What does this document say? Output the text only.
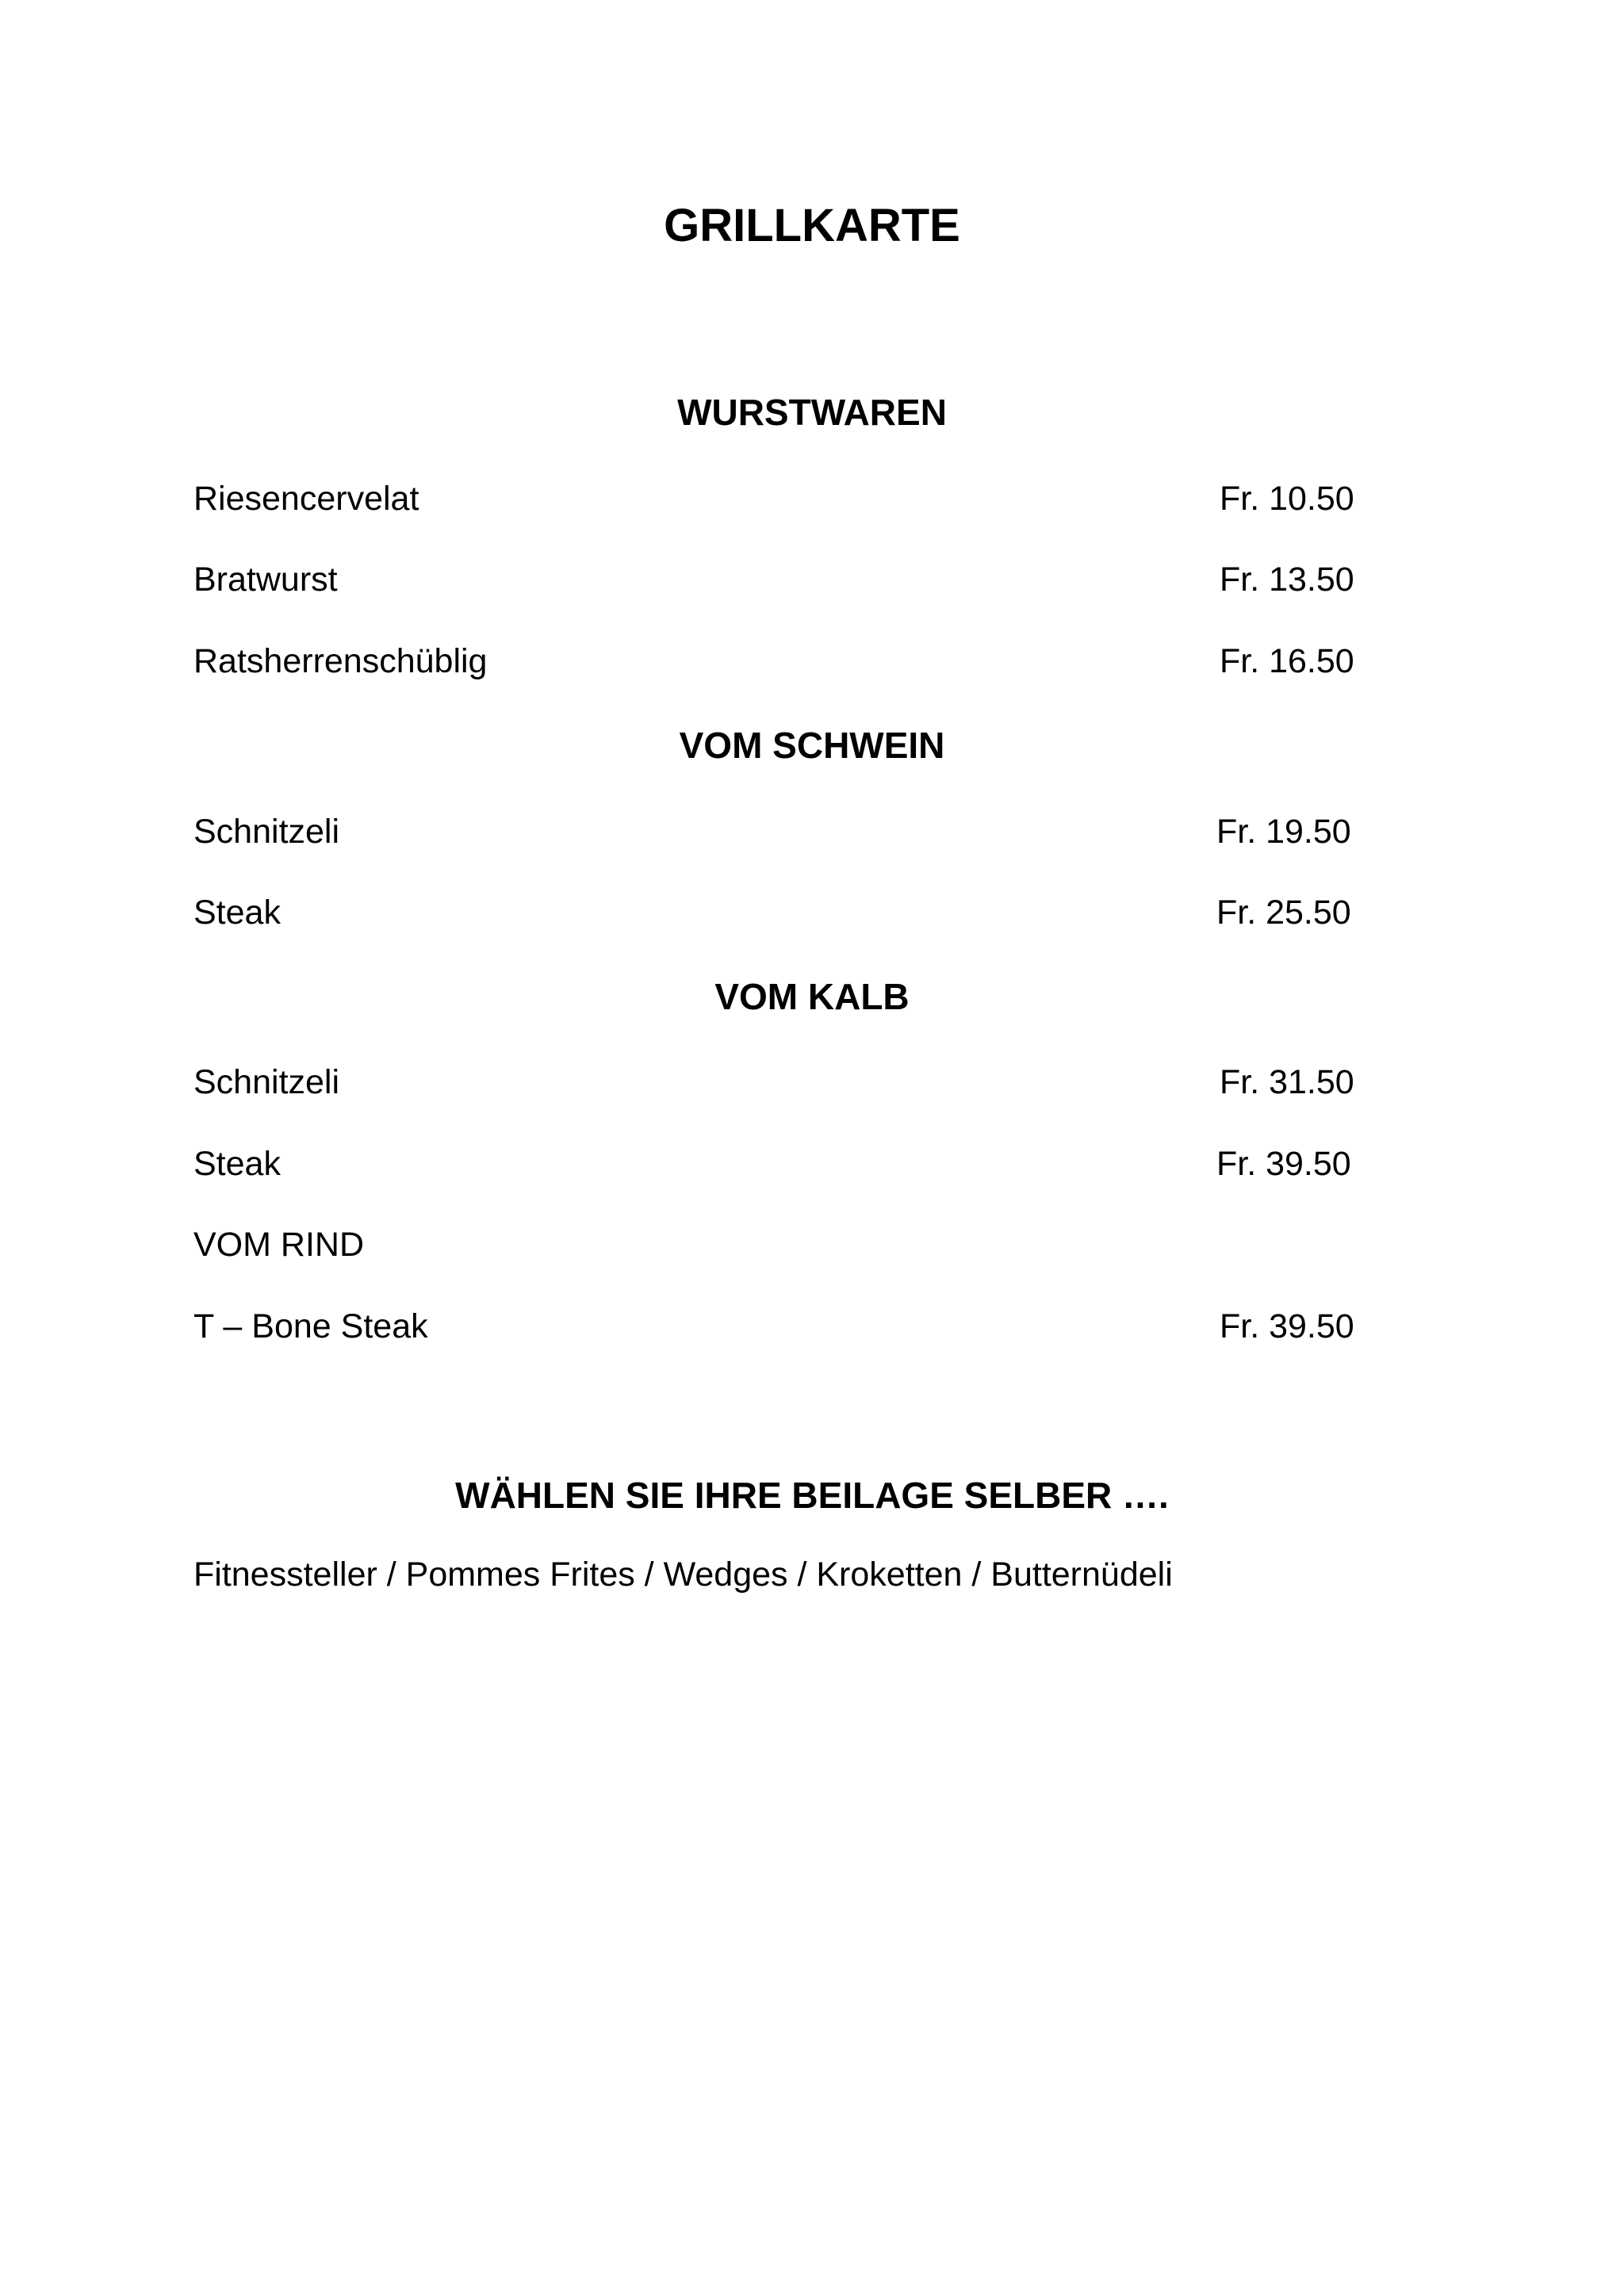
GRILLKARTE
WURSTWAREN
Riesencervelat	Fr. 10.50
Bratwurst	Fr. 13.50
Ratsherrenschüblig	Fr. 16.50
VOM SCHWEIN
Schnitzeli	Fr. 19.50
Steak	Fr. 25.50
VOM KALB
Schnitzeli	Fr. 31.50
Steak	Fr. 39.50
VOM RIND
T – Bone Steak	Fr. 39.50
WÄHLEN SIE IHRE BEILAGE SELBER ….
Fitnessteller / Pommes Frites / Wedges / Kroketten / Butternüdeli
